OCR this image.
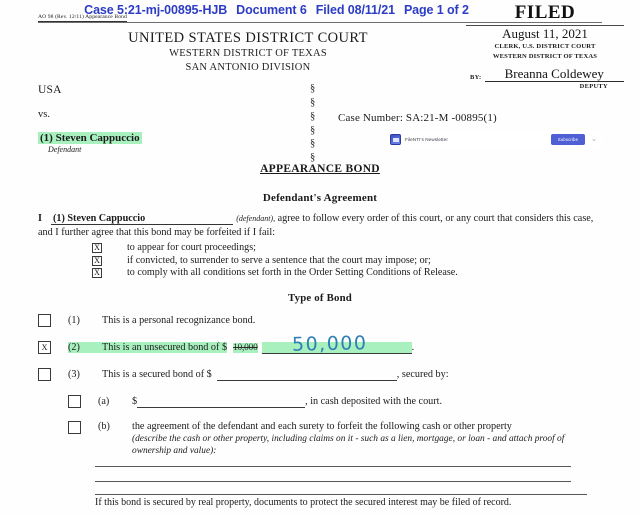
Case 5:21-mj-00895-HJB Document 6 Filed 08/11/21 Page 1 of 2
AO 98 (Rev. 12/11) Appearance Bond	FILED
August 11, 2021
CLERK, U.S. DISTRICT COURT
WESTERN DISTRICT OF TEXAS
BY:	Breanna Coldewey
DEPUTY
UNITED STATES DISTRICT COURT
WESTERN DISTRICT OF TEXAS
SAN ANTONIO DIVISION
USA
vs.
(1) Steven Cappuccio
Defendant
§
§
§
§
§
§
Case Number: SA:21-M -00895(1)
FileNTI's Newsletter	Subscribe	⌄
APPEARANCE BOND
Defendant's Agreement
I (1) Steven Cappuccio	(defendant), agree to follow every order of this court, or any court that considers this case, and I further agree that this bond may be forfeited if I fail:
X	to appear for court proceedings;
X	if convicted, to surrender to serve a sentence that the court may impose; or;
X	to comply with all conditions set forth in the Order Setting Conditions of Release.
Type of Bond
(1)	This is a personal recognizance bond.
X	(2)	This is an unsecured bond of $ 10,000	.
50,000
(3)	This is a secured bond of $	, secured by:
(a)	$	, in cash deposited with the court.
(b)	the agreement of the defendant and each surety to forfeit the following cash or other property
(describe the cash or other property, including claims on it - such as a lien, mortgage, or loan - and attach proof of ownership and value):
If this bond is secured by real property, documents to protect the secured interest may be filed of record.
